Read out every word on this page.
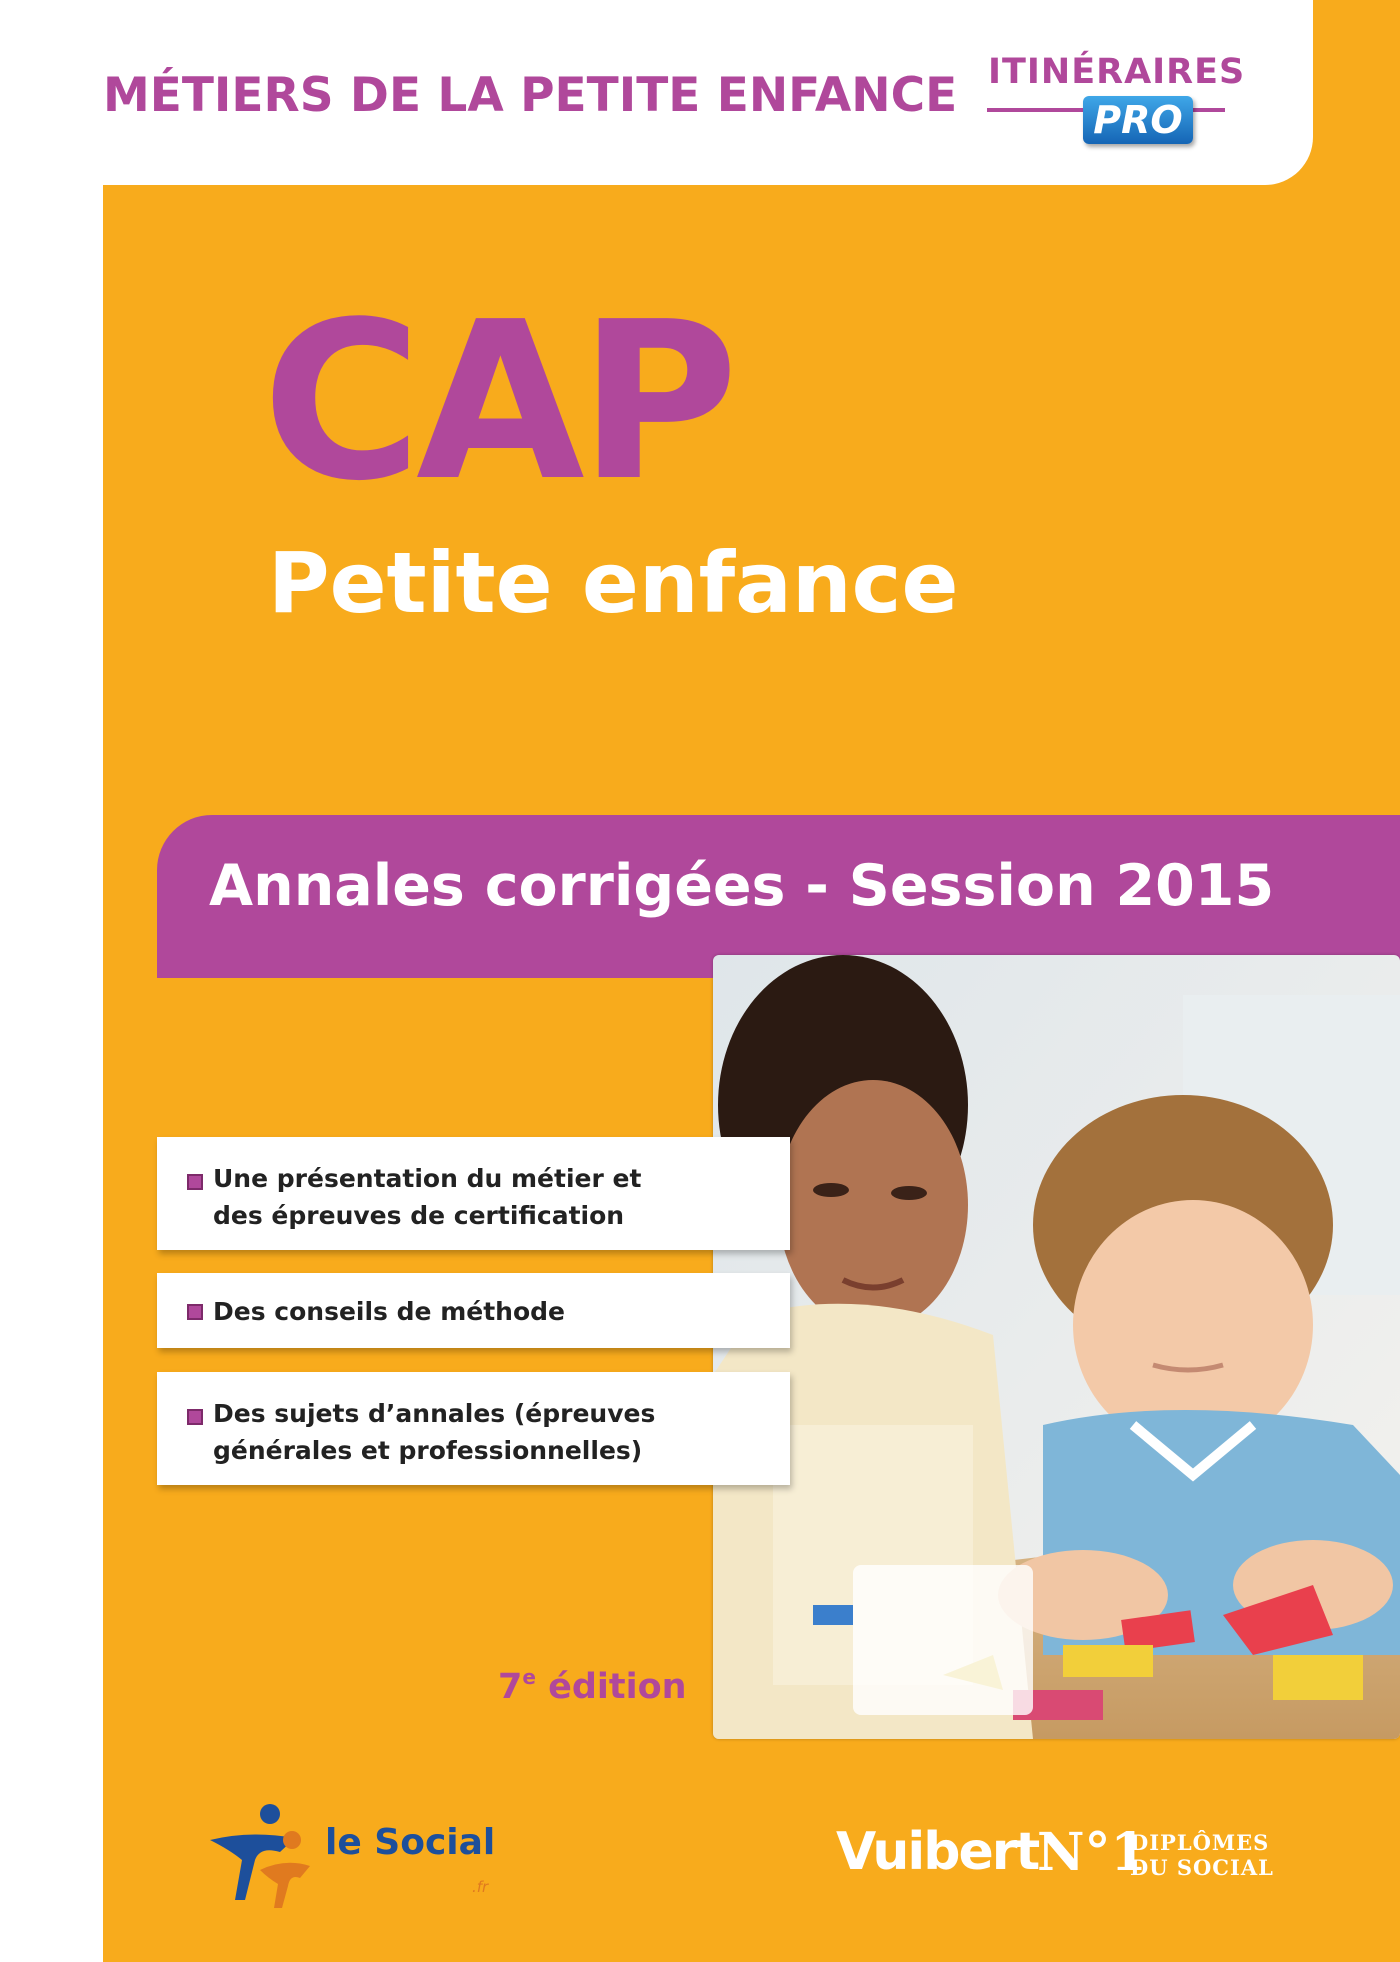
MÉTIERS DE LA PETITE ENFANCE ITINÉRAIRES
PRO
CAP
Petite enfance
Annales corrigées - Session 2015
Une présentation du métier et
des épreuves de certification
Des conseils de méthode
Des sujets d’annales (épreuves
générales et professionnelles)
7e édition
le Social
.fr
Vuibert
N°1
DIPLÔMES
DU SOCIAL
